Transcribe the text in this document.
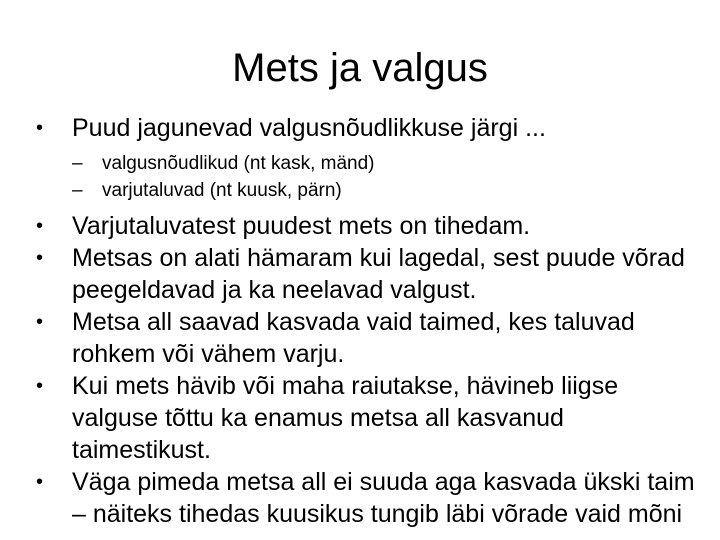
Mets ja valgus
•	Puud jagunevad valgusnõudlikkuse järgi ...
–	valgusnõudlikud (nt kask, mänd)
–	varjutaluvad (nt kuusk, pärn)
•	Varjutaluvatest puudest mets on tihedam.
•	Metsas on alati hämaram kui lagedal, sest puude võrad peegeldavad ja ka neelavad valgust.
•	Metsa all saavad kasvada vaid taimed, kes taluvad rohkem või vähem varju.
•	Kui mets hävib või maha raiutakse, hävineb liigse valguse tõttu ka enamus metsa all kasvanud taimestikust.
•	Väga pimeda metsa all ei suuda aga kasvada ükski taim – näiteks tihedas kuusikus tungib läbi võrade vaid mõni
